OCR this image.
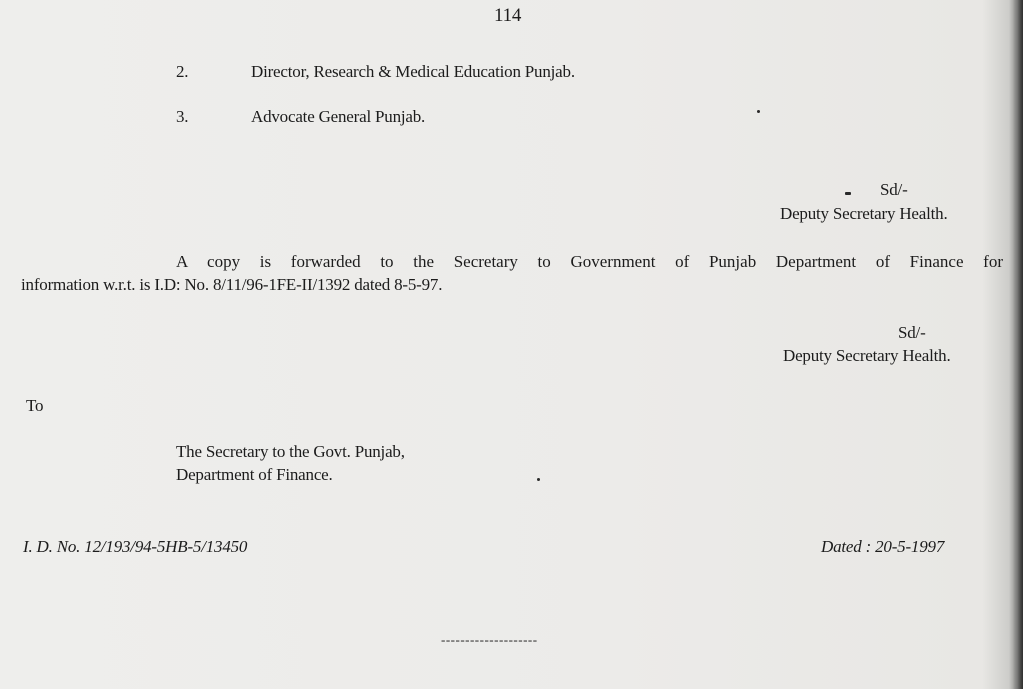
114
2.	Director, Research & Medical Education Punjab.
3.	Advocate General Punjab.
Sd/-
Deputy Secretary Health.
A copy is forwarded to the Secretary to Government of Punjab Department of Finance for
information w.r.t. is I.D: No. 8/11/96-1FE-II/1392 dated 8-5-97.
Sd/-
Deputy Secretary Health.
To
The Secretary to the Govt. Punjab,
Department of Finance.
I. D. No. 12/193/94-5HB-5/13450	Dated : 20-5-1997
--------------------
